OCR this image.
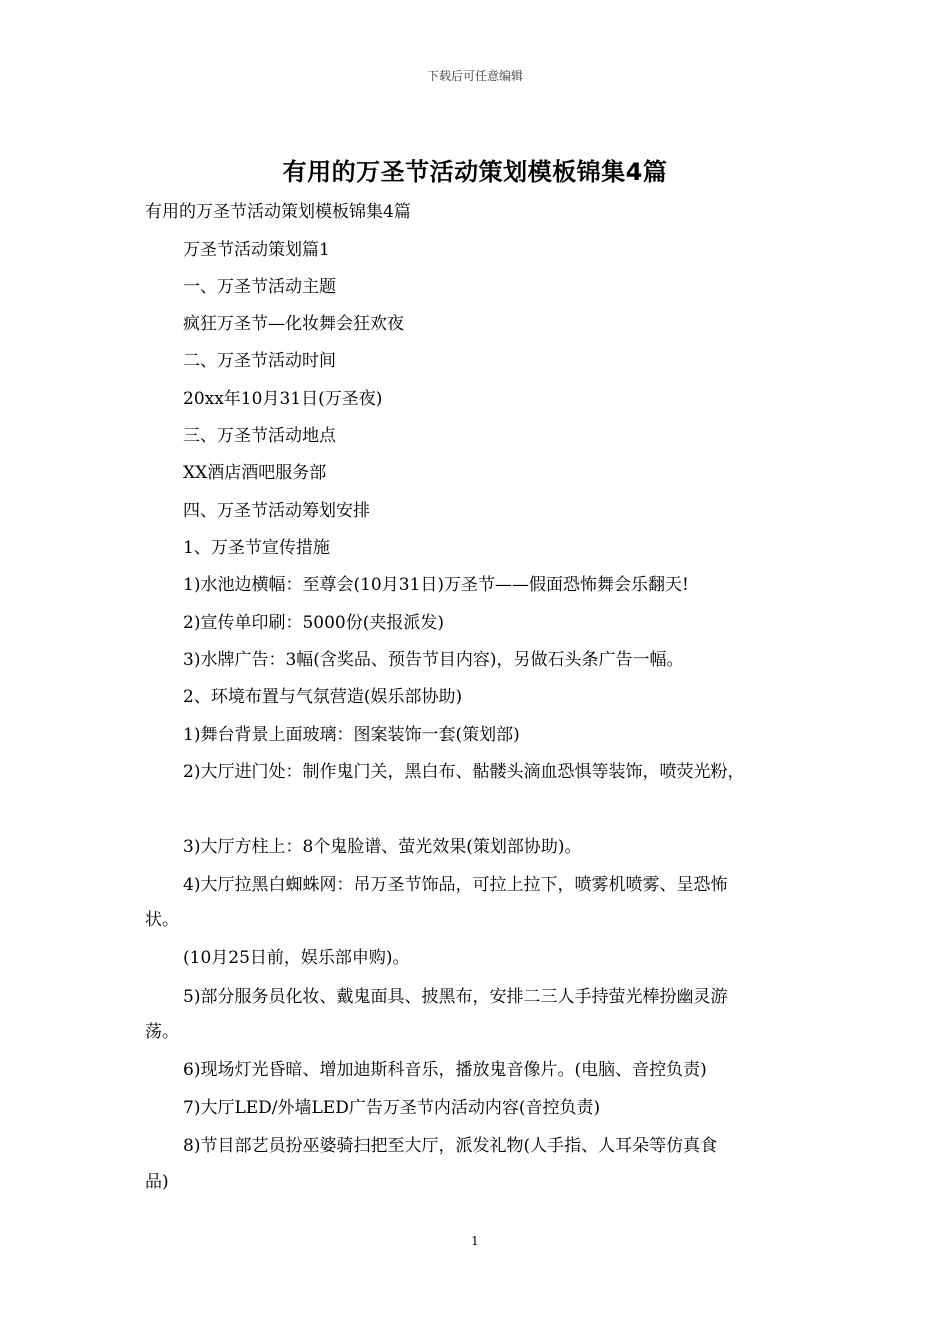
下载后可任意编辑
有用的万圣节活动策划模板锦集4篇
有用的万圣节活动策划模板锦集4篇
万圣节活动策划篇1
一、万圣节活动主题
疯狂万圣节—化妆舞会狂欢夜
二、万圣节活动时间
20xx年10月31日(万圣夜)
三、万圣节活动地点
XX酒店酒吧服务部
四、万圣节活动筹划安排
1、万圣节宣传措施
1)水池边横幅：至尊会(10月31日)万圣节——假面恐怖舞会乐翻天!
2)宣传单印刷：5000份(夹报派发)
3)水牌广告：3幅(含奖品、预告节目内容)，另做石头条广告一幅。
2、环境布置与气氛营造(娱乐部协助)
1)舞台背景上面玻璃：图案装饰一套(策划部)
2)大厅进门处：制作鬼门关，黑白布、骷髅头滴血恐惧等装饰，喷荧光粉，
3)大厅方柱上：8个鬼脸谱、萤光效果(策划部协助)。
4)大厅拉黑白蜘蛛网：吊万圣节饰品，可拉上拉下，喷雾机喷雾、呈恐怖
状。
(10月25日前，娱乐部申购)。
5)部分服务员化妆、戴鬼面具、披黑布，安排二三人手持萤光棒扮幽灵游
荡。
6)现场灯光昏暗、增加迪斯科音乐，播放鬼音像片。(电脑、音控负责)
7)大厅LED/外墙LED广告万圣节内活动内容(音控负责)
8)节目部艺员扮巫婆骑扫把至大厅，派发礼物(人手指、人耳朵等仿真食
品)
1
